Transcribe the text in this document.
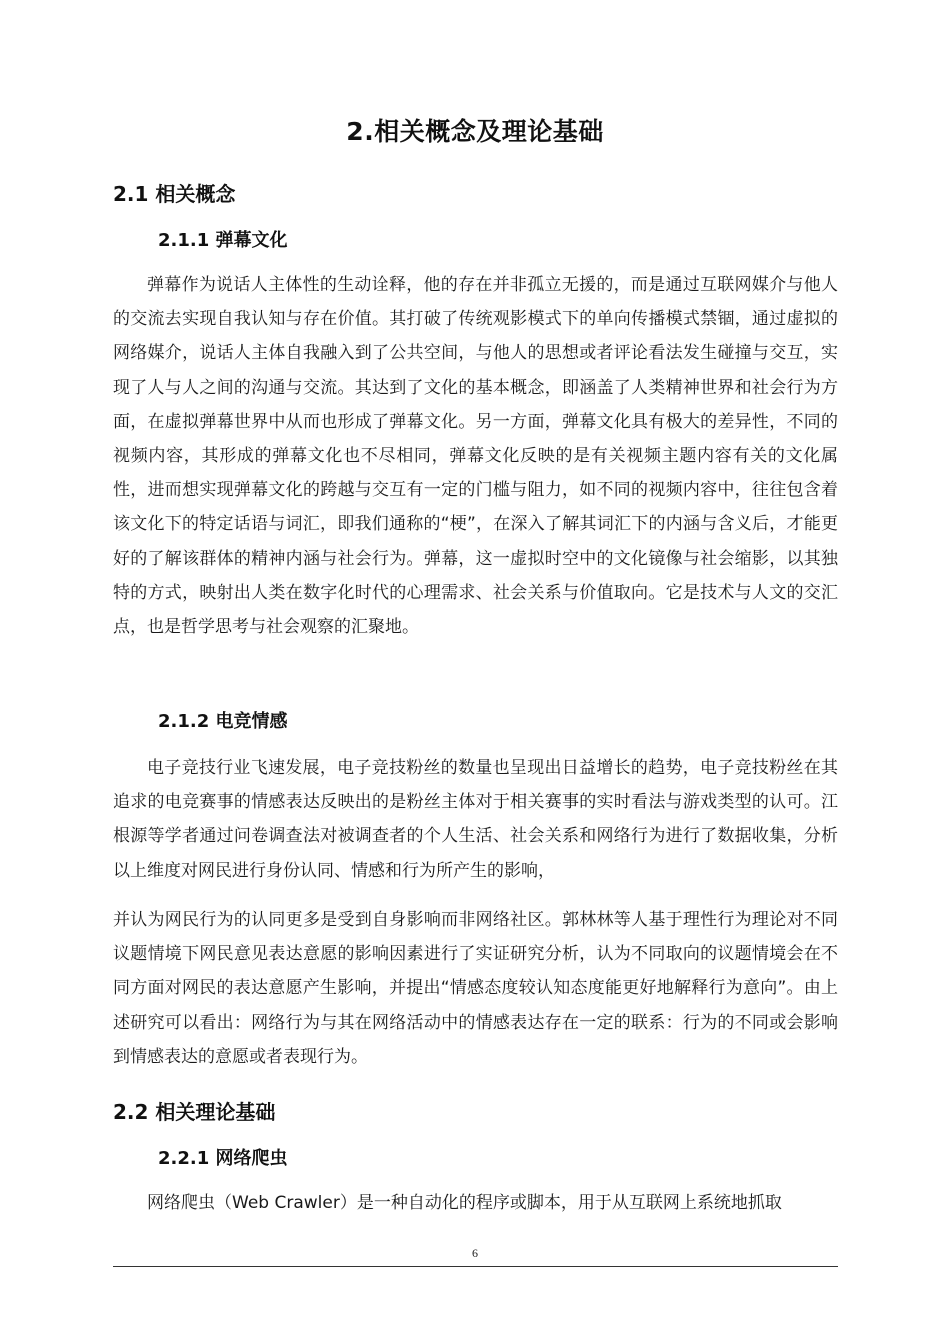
2.相关概念及理论基础
2.1 相关概念
2.1.1 弹幕文化

弹幕作为说话人主体性的生动诠释，他的存在并非孤立无援的，而是通过互联网媒介与他人的交流去实现自我认知与存在价值。其打破了传统观影模式下的单向传播模式禁锢，通过虚拟的网络媒介，说话人主体自我融入到了公共空间，与他人的思想或者评论看法发生碰撞与交互，实现了人与人之间的沟通与交流。其达到了文化的基本概念，即涵盖了人类精神世界和社会行为方面，在虚拟弹幕世界中从而也形成了弹幕文化。另一方面，弹幕文化具有极大的差异性，不同的视频内容，其形成的弹幕文化也不尽相同，弹幕文化反映的是有关视频主题内容有关的文化属性，进而想实现弹幕文化的跨越与交互有一定的门槛与阻力，如不同的视频内容中，往往包含着该文化下的特定话语与词汇，即我们通称的“梗”，在深入了解其词汇下的内涵与含义后，才能更好的了解该群体的精神内涵与社会行为。弹幕，这一虚拟时空中的文化镜像与社会缩影，以其独特的方式，映射出人类在数字化时代的心理需求、社会关系与价值取向。它是技术与人文的交汇点，也是哲学思考与社会观察的汇聚地。

2.1.2 电竞情感

电子竞技行业飞速发展，电子竞技粉丝的数量也呈现出日益增长的趋势，电子竞技粉丝在其追求的电竞赛事的情感表达反映出的是粉丝主体对于相关赛事的实时看法与游戏类型的认可。江根源等学者通过问卷调查法对被调查者的个人生活、社会关系和网络行为进行了数据收集，分析以上维度对网民进行身份认同、情感和行为所产生的影响，

并认为网民行为的认同更多是受到自身影响而非网络社区。郭林林等人基于理性行为理论对不同议题情境下网民意见表达意愿的影响因素进行了实证研究分析，认为不同取向的议题情境会在不同方面对网民的表达意愿产生影响，并提出“情感态度较认知态度能更好地解释行为意向”。由上述研究可以看出：网络行为与其在网络活动中的情感表达存在一定的联系：行为的不同或会影响到情感表达的意愿或者表现行为。

2.2 相关理论基础
2.2.1 网络爬虫

网络爬虫（Web Crawler）是一种自动化的程序或脚本，用于从互联网上系统地抓取

6
